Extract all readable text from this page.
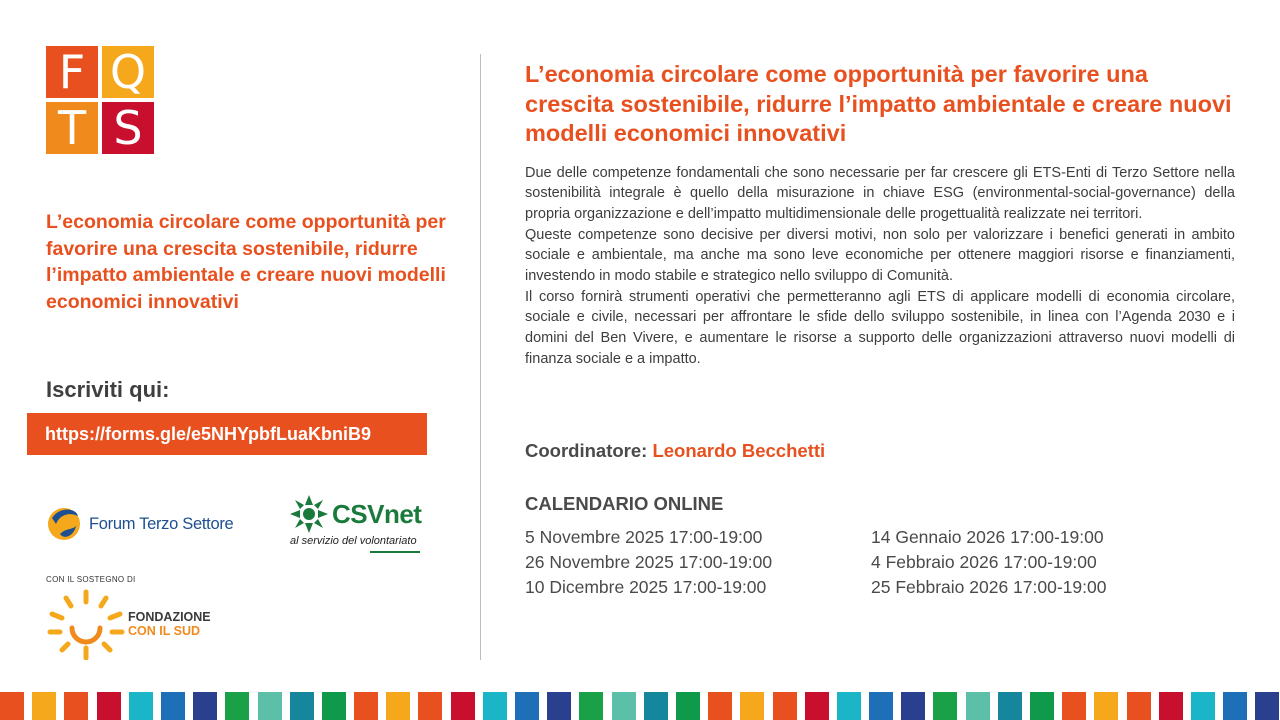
F Q
T S
L’economia circolare come opportunità per favorire una crescita sostenibile, ridurre l’impatto ambientale e creare nuovi modelli economici innovativi
Iscriviti qui:
https://forms.gle/e5NHYpbfLuaKbniB9
Forum Terzo Settore	CSVnet
al servizio del volontariato
CON IL SOSTEGNO DI
FONDAZIONE
CON IL SUD
L’economia circolare come opportunità per favorire una crescita sostenibile, ridurre l’impatto ambientale e creare nuovi modelli economici innovativi

Due delle competenze fondamentali che sono necessarie per far crescere gli ETS-Enti di Terzo Settore nella sostenibilità integrale è quello della misurazione in chiave ESG (environmental-social-governance) della propria organizzazione e dell’impatto multidimensionale delle progettualità realizzate nei territori.

Queste competenze sono decisive per diversi motivi, non solo per valorizzare i benefici generati in ambito sociale e ambientale, ma anche ma sono leve economiche per ottenere maggiori risorse e finanziamenti, investendo in modo stabile e strategico nello sviluppo di Comunità.

Il corso fornirà strumenti operativi che permetteranno agli ETS di applicare modelli di economia circolare, sociale e civile, necessari per affrontare le sfide dello sviluppo sostenibile, in linea con l’Agenda 2030 e i domini del Ben Vivere, e aumentare le risorse a supporto delle organizzazioni attraverso nuovi modelli di finanza sociale e a impatto.

Coordinatore: Leonardo Becchetti
CALENDARIO ONLINE
5 Novembre 2025 17:00-19:00
26 Novembre 2025 17:00-19:00
10 Dicembre 2025 17:00-19:00
14 Gennaio 2026 17:00-19:00
4 Febbraio 2026 17:00-19:00
25 Febbraio 2026 17:00-19:00
